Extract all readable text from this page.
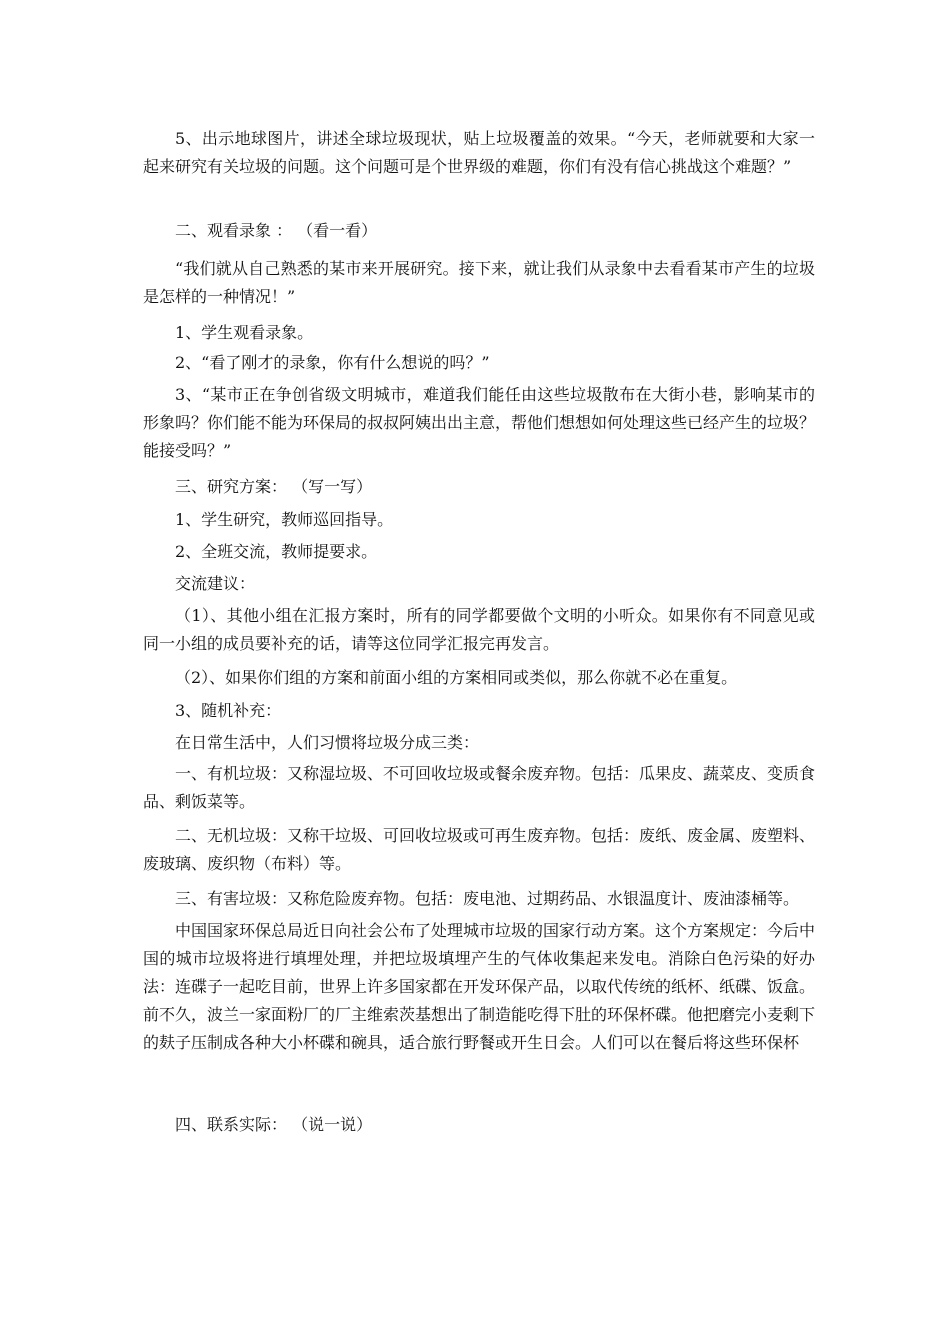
5、出示地球图片，讲述全球垃圾现状，贴上垃圾覆盖的效果。“今天，老师就要和大家一起来研究有关垃圾的问题。这个问题可是个世界级的难题，你们有没有信心挑战这个难题？”

二、观看录象 ： （看一看）

“我们就从自己熟悉的某市来开展研究。接下来，就让我们从录象中去看看某市产生的垃圾是怎样的一种情况！”

1、学生观看录象。

2、“看了刚才的录象，你有什么想说的吗？”

3、“某市正在争创省级文明城市，难道我们能任由这些垃圾散布在大街小巷，影响某市的形象吗？你们能不能为环保局的叔叔阿姨出出主意，帮他们想想如何处理这些已经产生的垃圾？能接受吗？”

三、研究方案： （写一写）

1、学生研究，教师巡回指导。

2、全班交流，教师提要求。

交流建议：

（1）、其他小组在汇报方案时，所有的同学都要做个文明的小听众。如果你有不同意见或同一小组的成员要补充的话，请等这位同学汇报完再发言。

（2）、如果你们组的方案和前面小组的方案相同或类似，那么你就不必在重复。

3、随机补充：

在日常生活中，人们习惯将垃圾分成三类：

一、有机垃圾：又称湿垃圾、不可回收垃圾或餐余废弃物。包括：瓜果皮、蔬菜皮、变质食品、剩饭菜等。

二、无机垃圾：又称干垃圾、可回收垃圾或可再生废弃物。包括：废纸、废金属、废塑料、废玻璃、废织物（布料）等。

三、有害垃圾：又称危险废弃物。包括：废电池、过期药品、水银温度计、废油漆桶等。

中国国家环保总局近日向社会公布了处理城市垃圾的国家行动方案。这个方案规定：今后中国的城市垃圾将进行填埋处理，并把垃圾填埋产生的气体收集起来发电。消除白色污染的好办法：连碟子一起吃目前，世界上许多国家都在开发环保产品，以取代传统的纸杯、纸碟、饭盒。前不久，波兰一家面粉厂的厂主维索茨基想出了制造能吃得下肚的环保杯碟。他把磨完小麦剩下的麸子压制成各种大小杯碟和碗具，适合旅行野餐或开生日会。人们可以在餐后将这些环保杯

四、联系实际： （说一说）
